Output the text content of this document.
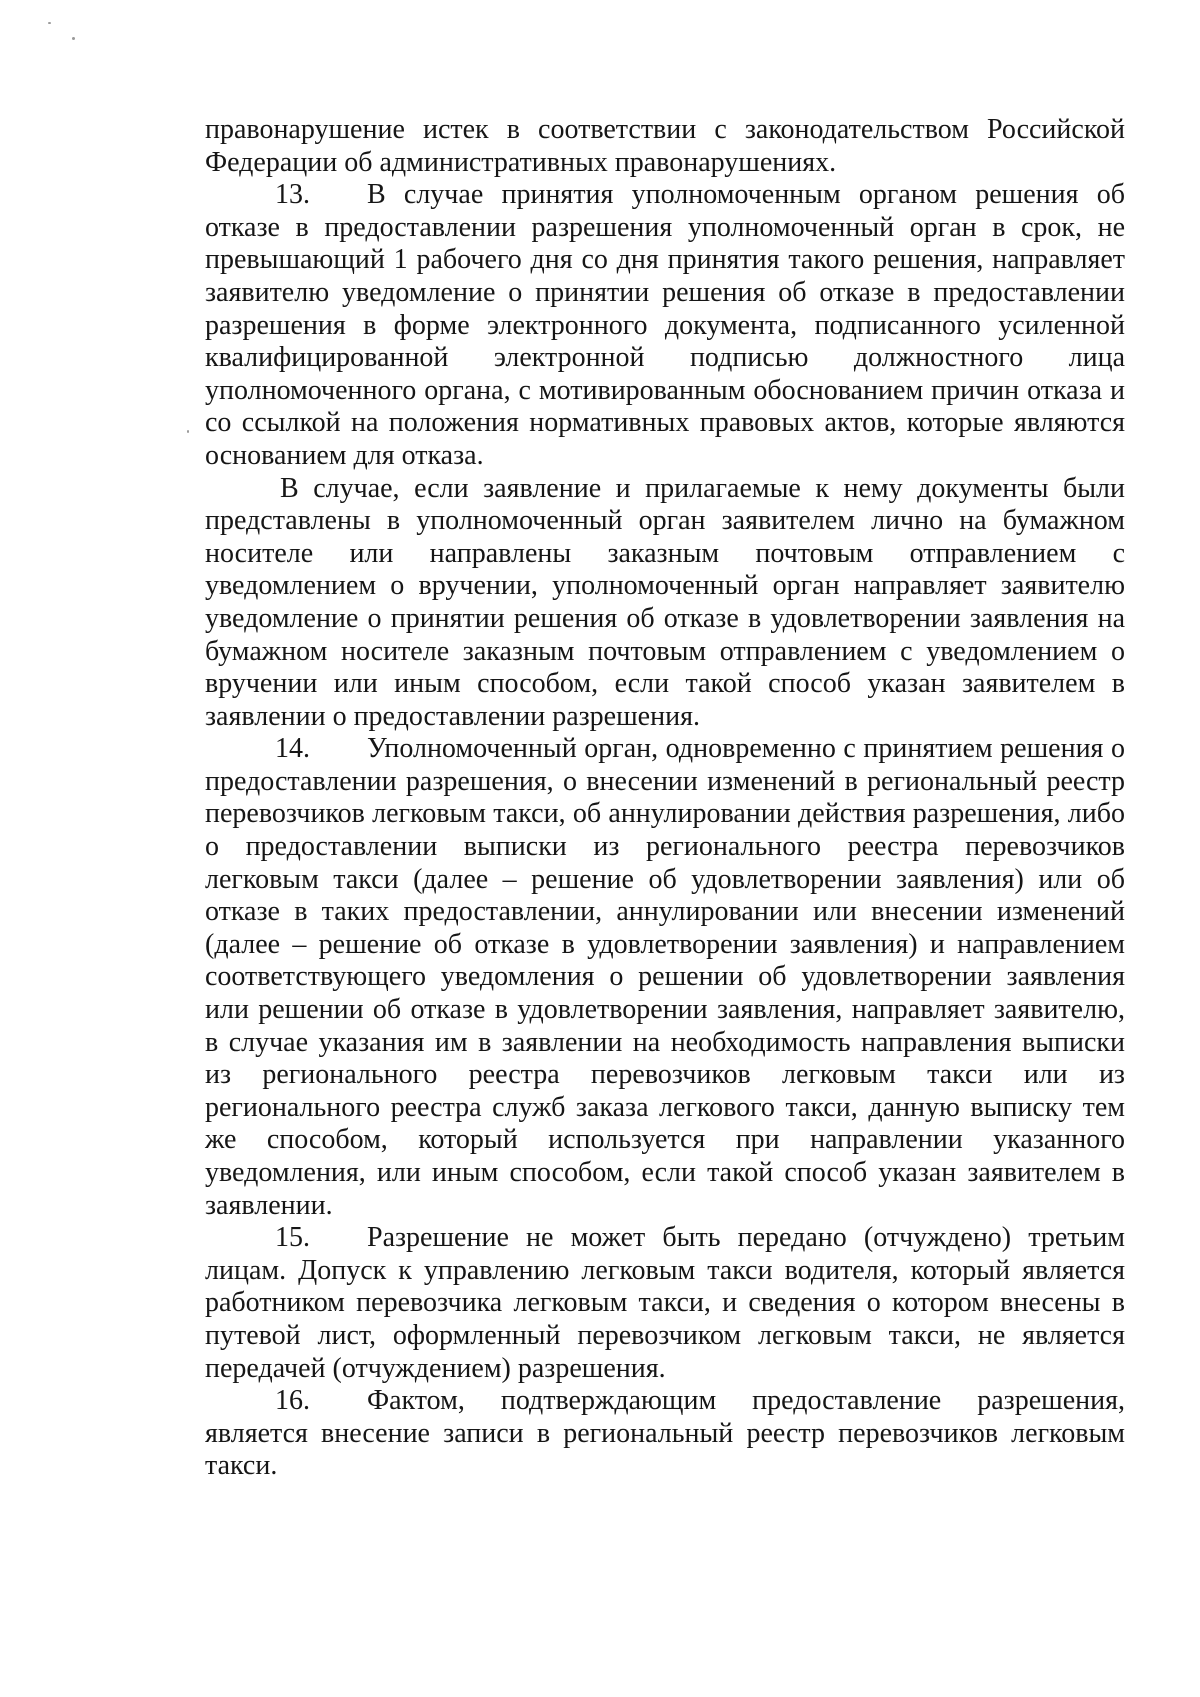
правонарушение истек в соответствии с законодательством Российской Федерации об административных правонарушениях.

13. В случае принятия уполномоченным органом решения об отказе в предоставлении разрешения уполномоченный орган в срок, не превышающий 1 рабочего дня со дня принятия такого решения, направляет заявителю уведомление о принятии решения об отказе в предоставлении разрешения в форме электронного документа, подписанного усиленной квалифицированной электронной подписью должностного лица уполномоченного органа, с мотивированным обоснованием причин отказа и со ссылкой на положения нормативных правовых актов, которые являются основанием для отказа.

В случае, если заявление и прилагаемые к нему документы были представлены в уполномоченный орган заявителем лично на бумажном носителе или направлены заказным почтовым отправлением с уведомлением о вручении, уполномоченный орган направляет заявителю уведомление о принятии решения об отказе в удовлетворении заявления на бумажном носителе заказным почтовым отправлением с уведомлением о вручении или иным способом, если такой способ указан заявителем в заявлении о предоставлении разрешения.

14. Уполномоченный орган, одновременно с принятием решения о предоставлении разрешения, о внесении изменений в региональный реестр перевозчиков легковым такси, об аннулировании действия разрешения, либо о предоставлении выписки из регионального реестра перевозчиков легковым такси (далее – решение об удовлетворении заявления) или об отказе в таких предоставлении, аннулировании или внесении изменений (далее – решение об отказе в удовлетворении заявления) и направлением соответствующего уведомления о решении об удовлетворении заявления или решении об отказе в удовлетворении заявления, направляет заявителю, в случае указания им в заявлении на необходимость направления выписки из регионального реестра перевозчиков легковым такси или из регионального реестра служб заказа легкового такси, данную выписку тем же способом, который используется при направлении указанного уведомления, или иным способом, если такой способ указан заявителем в заявлении.

15. Разрешение не может быть передано (отчуждено) третьим лицам. Допуск к управлению легковым такси водителя, который является работником перевозчика легковым такси, и сведения о котором внесены в путевой лист, оформленный перевозчиком легковым такси, не является передачей (отчуждением) разрешения.

16. Фактом, подтверждающим предоставление разрешения, является внесение записи в региональный реестр перевозчиков легковым такси.
